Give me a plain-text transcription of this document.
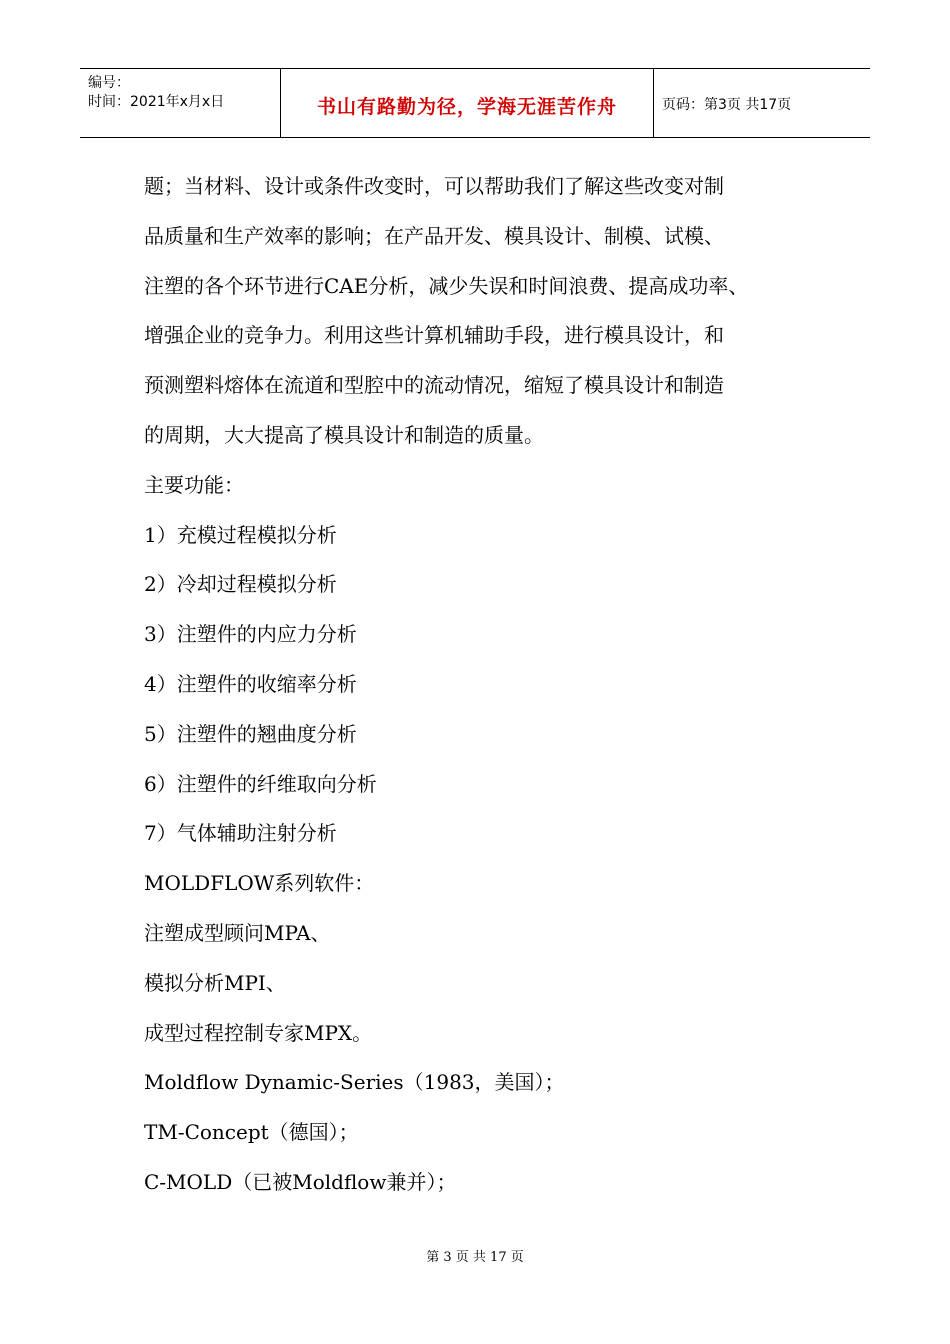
编号：
时间：2021年x月x日	书山有路勤为径，学海无涯苦作舟	页码：第3页 共17页

题；当材料、设计或条件改变时，可以帮助我们了解这些改变对制

品质量和生产效率的影响；在产品开发、模具设计、制模、试模、

注塑的各个环节进行CAE分析，减少失误和时间浪费、提高成功率、

增强企业的竞争力。利用这些计算机辅助手段，进行模具设计，和

预测塑料熔体在流道和型腔中的流动情况，缩短了模具设计和制造

的周期，大大提高了模具设计和制造的质量。

主要功能：

1）充模过程模拟分析

2）冷却过程模拟分析

3）注塑件的内应力分析

4）注塑件的收缩率分析

5）注塑件的翘曲度分析

6）注塑件的纤维取向分析

7）气体辅助注射分析

MOLDFLOW系列软件：

注塑成型顾问MPA、

模拟分析MPI、

成型过程控制专家MPX。

Moldflow Dynamic-Series（1983，美国）；

TM-Concept（德国）；

C-MOLD（已被Moldflow兼并）；

第 3 页 共 17 页
